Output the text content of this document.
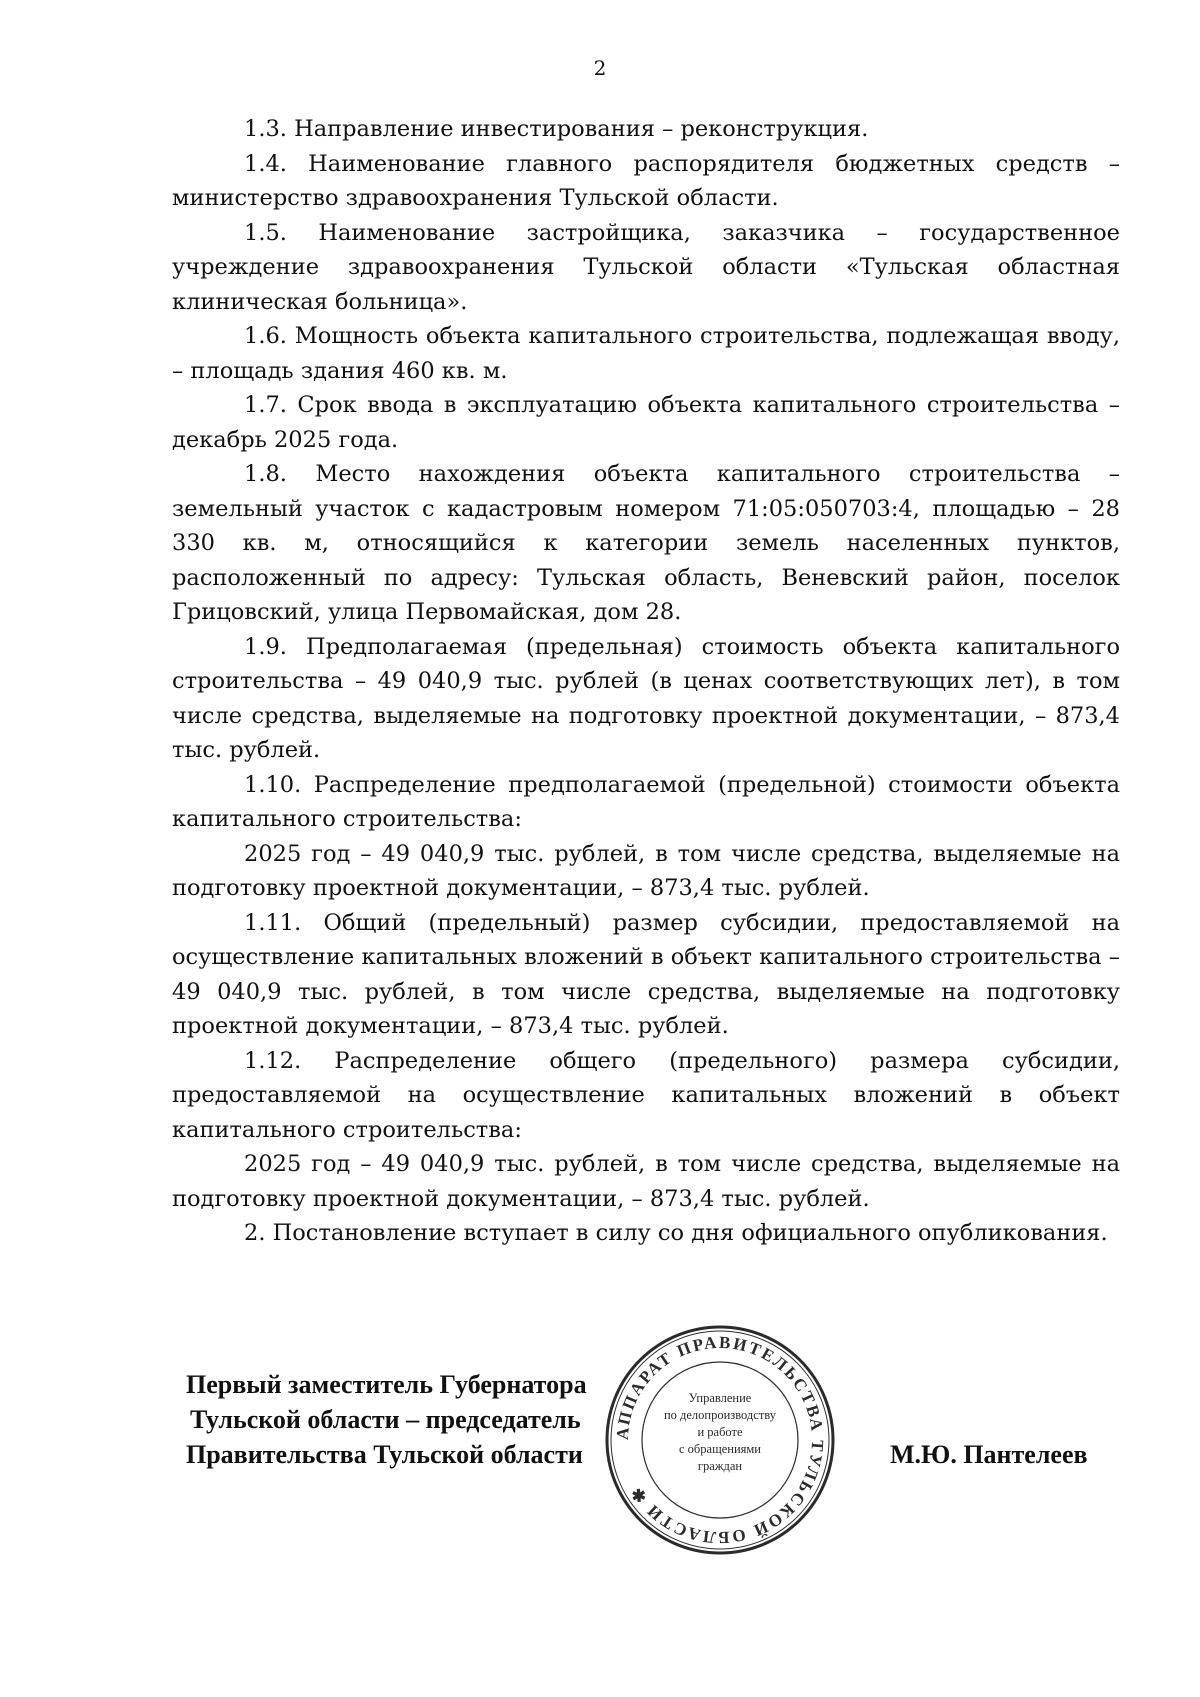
2

1.3. Направление инвестирования – реконструкция.

1.4. Наименование главного распорядителя бюджетных средств – министерство здравоохранения Тульской области.

1.5. Наименование застройщика, заказчика – государственное учреждение здравоохранения Тульской области «Тульская областная клиническая больница».

1.6. Мощность объекта капитального строительства, подлежащая вводу, – площадь здания 460 кв. м.

1.7. Срок ввода в эксплуатацию объекта капитального строительства – декабрь 2025 года.

1.8. Место нахождения объекта капитального строительства – земельный участок с кадастровым номером 71:05:050703:4, площадью – 28 330 кв. м, относящийся к категории земель населенных пунктов, расположенный по адресу: Тульская область, Веневский район, поселок Грицовский, улица Первомайская, дом 28.

1.9. Предполагаемая (предельная) стоимость объекта капитального строительства – 49 040,9 тыс. рублей (в ценах соответствующих лет), в том числе средства, выделяемые на подготовку проектной документации, – 873,4 тыс. рублей.

1.10. Распределение предполагаемой (предельной) стоимости объекта капитального строительства:

2025 год – 49 040,9 тыс. рублей, в том числе средства, выделяемые на подготовку проектной документации, – 873,4 тыс. рублей.

1.11. Общий (предельный) размер субсидии, предоставляемой на осуществление капитальных вложений в объект капитального строительства – 49 040,9 тыс. рублей, в том числе средства, выделяемые на подготовку проектной документации, – 873,4 тыс. рублей.

1.12. Распределение общего (предельного) размера субсидии, предоставляемой на осуществление капитальных вложений в объект капитального строительства:

2025 год – 49 040,9 тыс. рублей, в том числе средства, выделяемые на подготовку проектной документации, – 873,4 тыс. рублей.

2. Постановление вступает в силу со дня официального опубликования.

Первый заместитель Губернатора
Тульской области – председатель
Правительства Тульской области	М.Ю. Пантелеев
АППАРАТ ПРАВИТЕЛЬСТВА ТУЛЬСКОЙ ОБЛАСТИ ✱
Управление
по делопроизводству
и работе
с обращениями
граждан
